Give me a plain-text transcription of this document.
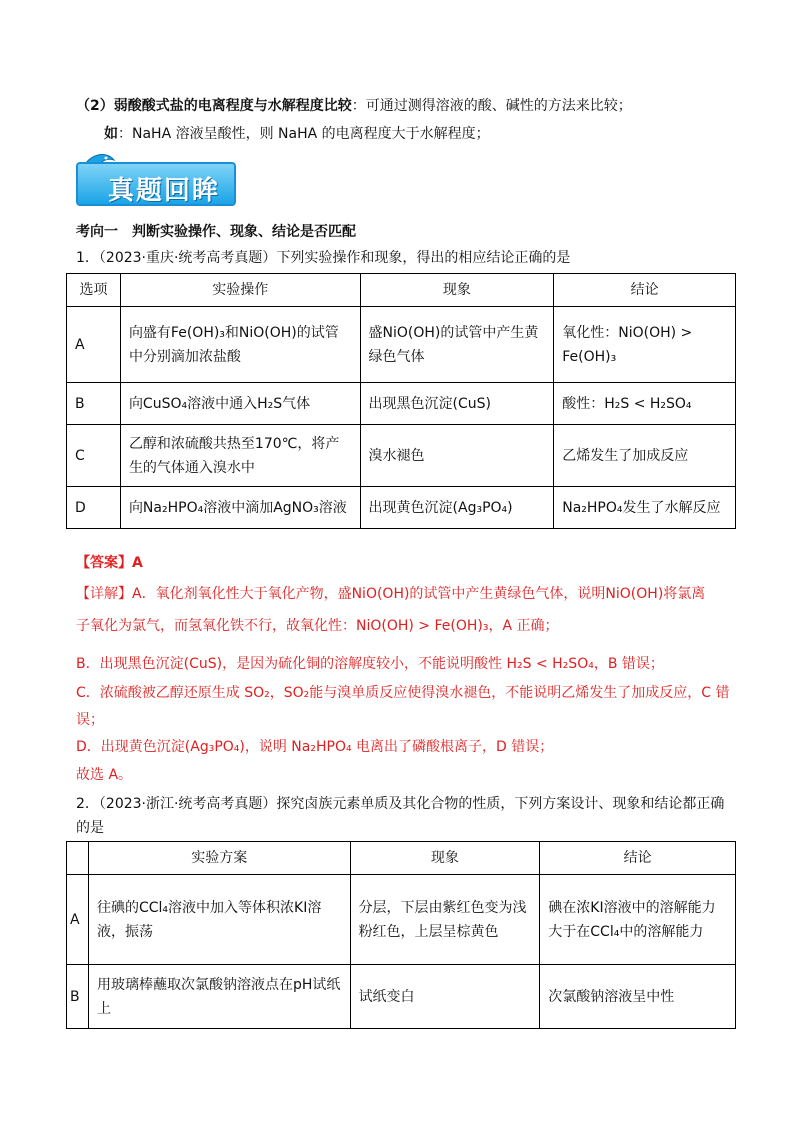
（2）弱酸酸式盐的电离程度与水解程度比较：可通过测得溶液的酸、碱性的方法来比较；
如：NaHA 溶液呈酸性，则 NaHA 的电离程度大于水解程度；
真题回眸
考向一　判断实验操作、现象、结论是否匹配
1．（2023·重庆·统考高考真题）下列实验操作和现象，得出的相应结论正确的是
选项	实验操作	现象	结论
A	向盛有Fe(OH)₃和NiO(OH)的试管中分别滴加浓盐酸	盛NiO(OH)的试管中产生黄绿色气体	氧化性：NiO(OH) > Fe(OH)₃
B	向CuSO₄溶液中通入H₂S气体	出现黑色沉淀(CuS)	酸性：H₂S < H₂SO₄
C	乙醇和浓硫酸共热至170℃，将产生的气体通入溴水中	溴水褪色	乙烯发生了加成反应
D	向Na₂HPO₄溶液中滴加AgNO₃溶液	出现黄色沉淀(Ag₃PO₄)	Na₂HPO₄发生了水解反应
【答案】A
【详解】A．氧化剂氧化性大于氧化产物，盛NiO(OH)的试管中产生黄绿色气体，说明NiO(OH)将氯离
子氧化为氯气，而氢氧化铁不行，故氧化性：NiO(OH) > Fe(OH)₃，A 正确；
B．出现黑色沉淀(CuS)，是因为硫化铜的溶解度较小，不能说明酸性 H₂S < H₂SO₄，B 错误；
C．浓硫酸被乙醇还原生成 SO₂，SO₂能与溴单质反应使得溴水褪色，不能说明乙烯发生了加成反应，C 错
误；
D．出现黄色沉淀(Ag₃PO₄)，说明 Na₂HPO₄ 电离出了磷酸根离子，D 错误；
故选 A。
2．（2023·浙江·统考高考真题）探究卤族元素单质及其化合物的性质，下列方案设计、现象和结论都正确
的是
	实验方案	现象	结论
A	往碘的CCl₄溶液中加入等体积浓KI溶液，振荡	分层，下层由紫红色变为浅粉红色，上层呈棕黄色	碘在浓KI溶液中的溶解能力大于在CCl₄中的溶解能力
B	用玻璃棒蘸取次氯酸钠溶液点在pH试纸上	试纸变白	次氯酸钠溶液呈中性
